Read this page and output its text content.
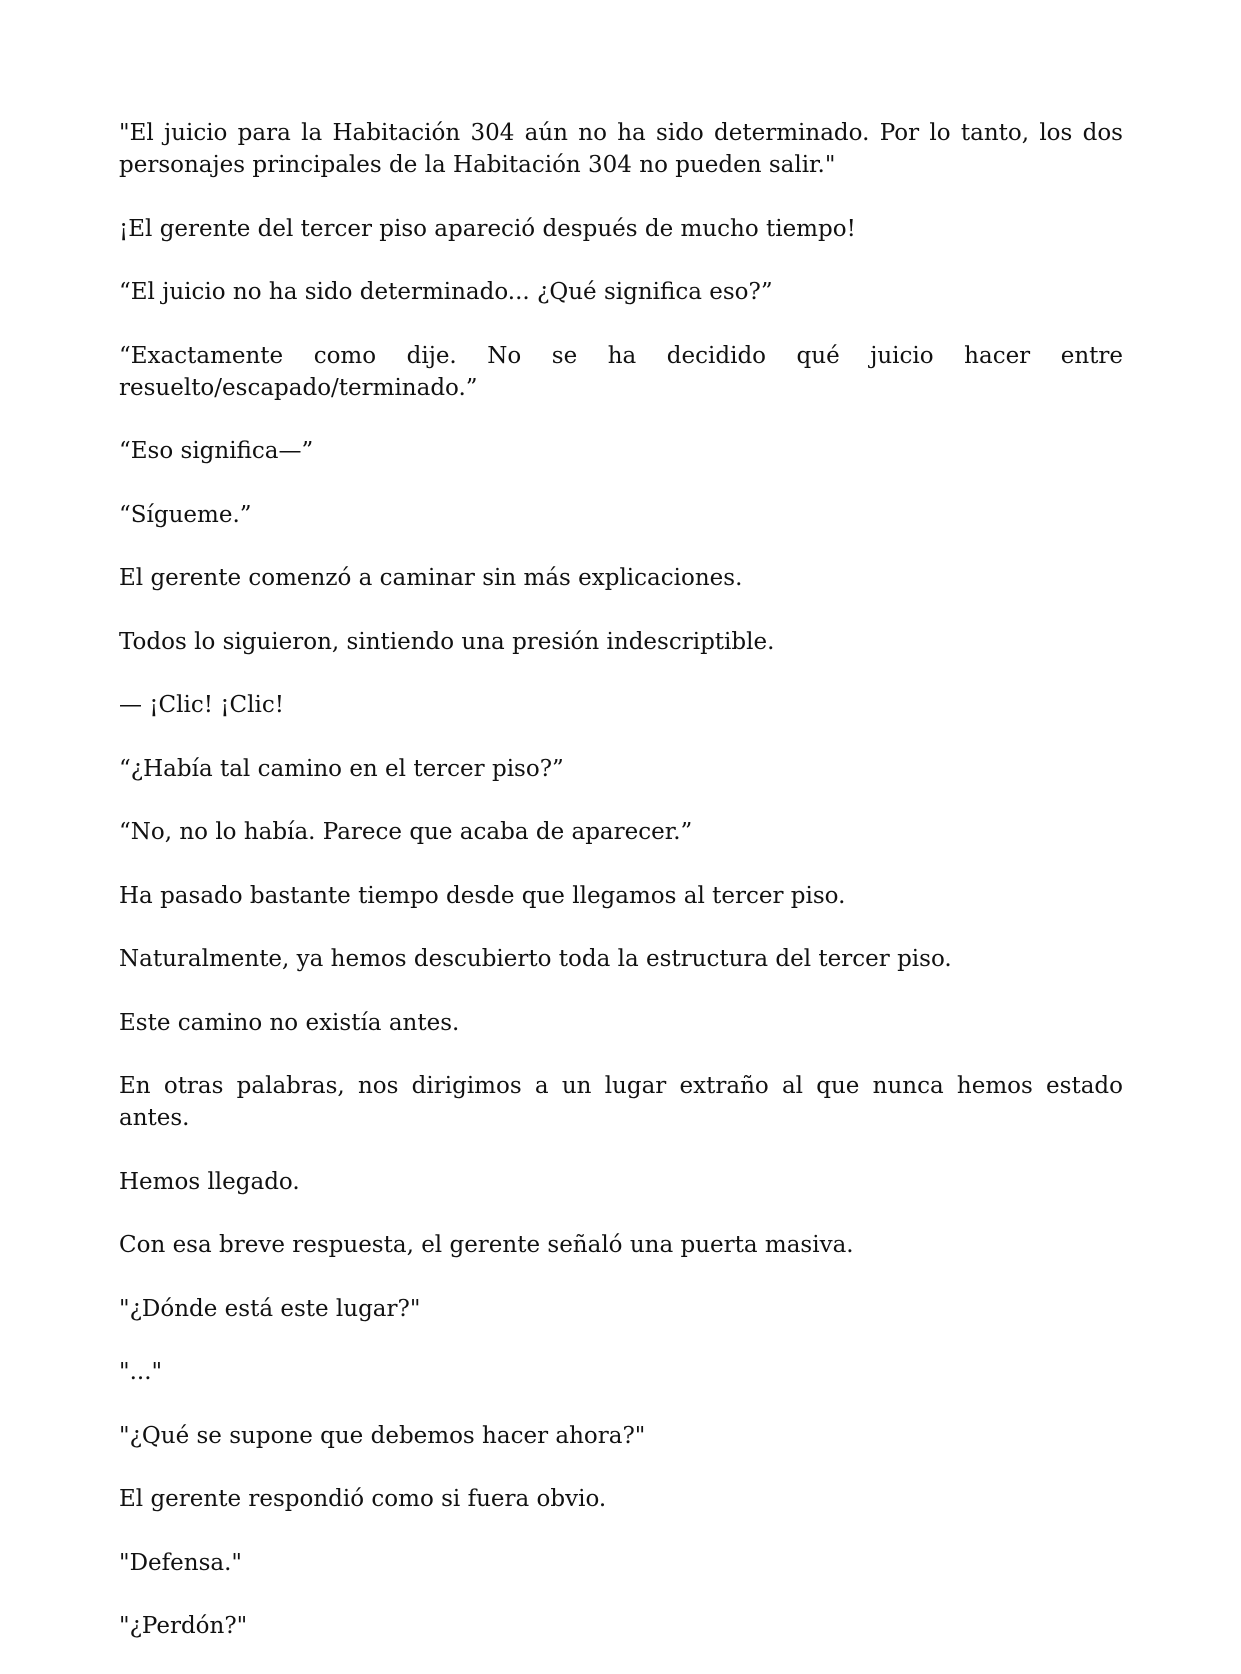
"El juicio para la Habitación 304 aún no ha sido determinado. Por lo tanto, los dos personajes principales de la Habitación 304 no pueden salir."

¡El gerente del tercer piso apareció después de mucho tiempo!

“El juicio no ha sido determinado... ¿Qué significa eso?”

“Exactamente como dije. No se ha decidido qué juicio hacer entre resuelto/escapado/terminado.”

“Eso significa—”

“Sígueme.”

El gerente comenzó a caminar sin más explicaciones.

Todos lo siguieron, sintiendo una presión indescriptible.

— ¡Clic! ¡Clic!

“¿Había tal camino en el tercer piso?”

“No, no lo había. Parece que acaba de aparecer.”

Ha pasado bastante tiempo desde que llegamos al tercer piso.

Naturalmente, ya hemos descubierto toda la estructura del tercer piso.

Este camino no existía antes.

En otras palabras, nos dirigimos a un lugar extraño al que nunca hemos estado antes.

Hemos llegado.

Con esa breve respuesta, el gerente señaló una puerta masiva.

"¿Dónde está este lugar?"

"..."

"¿Qué se supone que debemos hacer ahora?"

El gerente respondió como si fuera obvio.

"Defensa."

"¿Perdón?"
